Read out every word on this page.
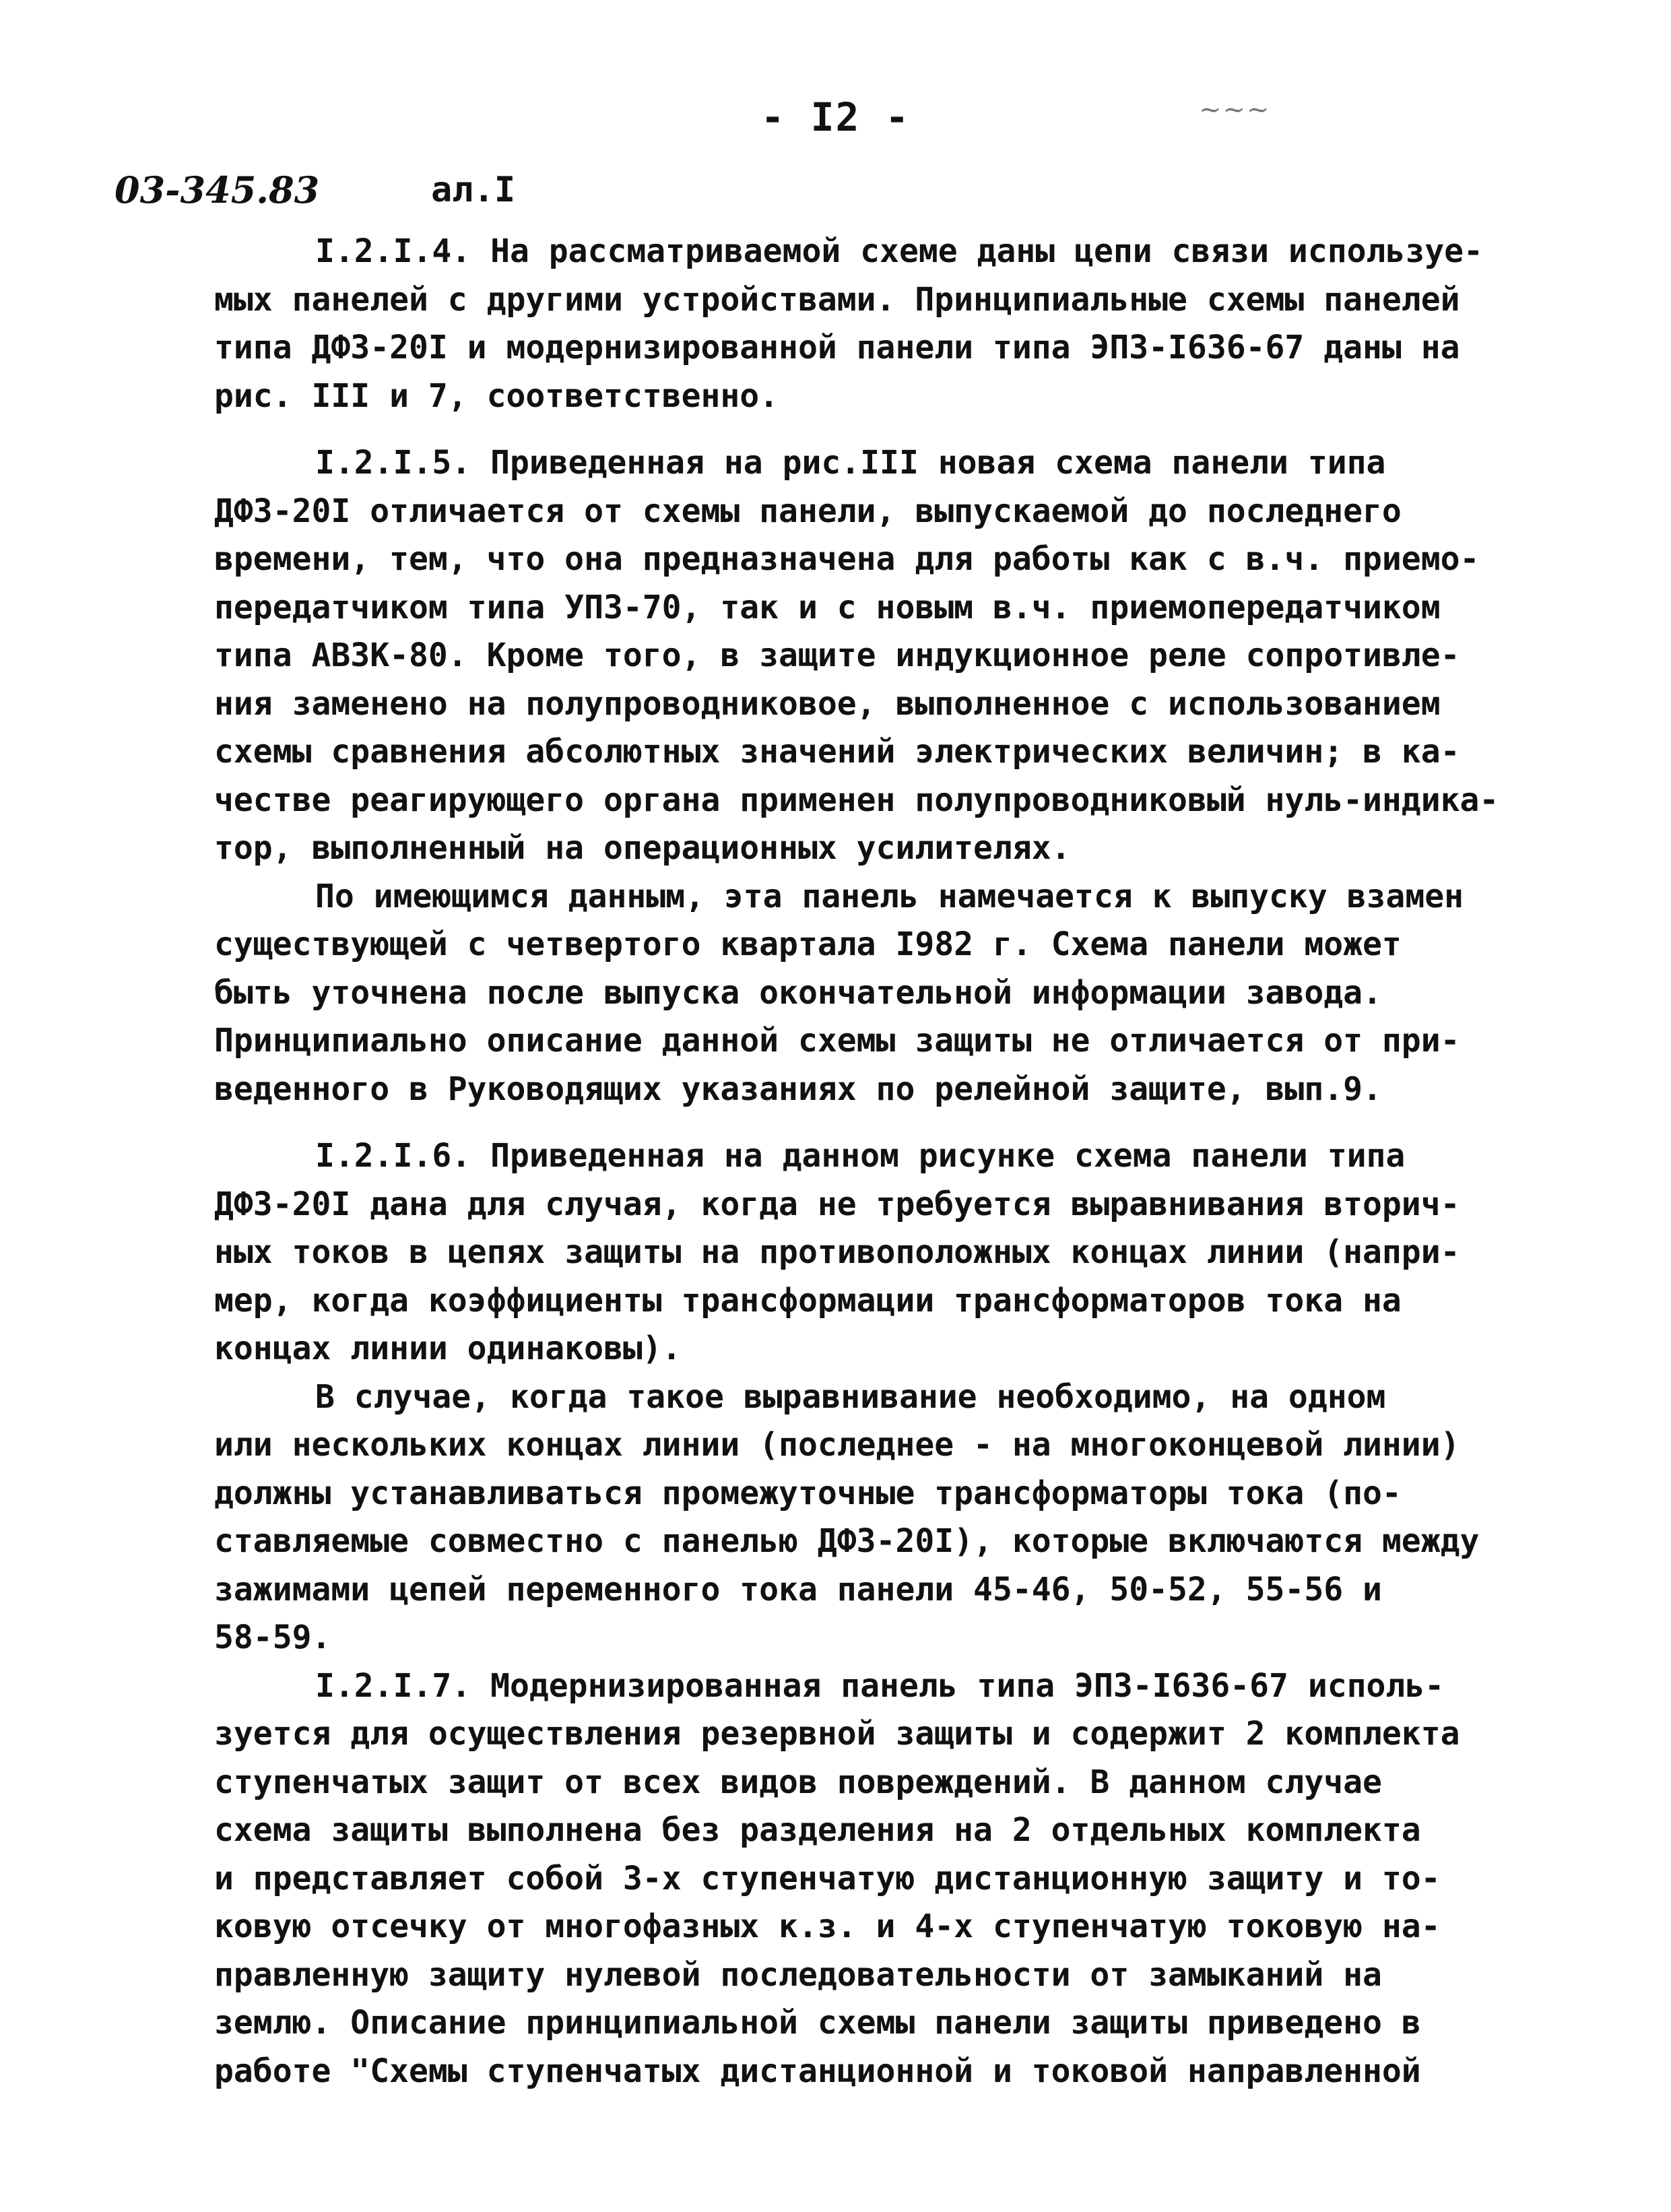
- I2 -	~~~
03-345.83	ал.I
I.2.I.4. На рассматриваемой схеме даны цепи связи используе-
мых панелей с другими устройствами. Принципиальные схемы панелей
типа ДФЗ-20I и модернизированной панели типа ЭПЗ-I636-67 даны на
рис. III и 7, соответственно.
I.2.I.5. Приведенная на рис.III новая схема панели типа
ДФЗ-20I отличается от схемы панели, выпускаемой до последнего
времени, тем, что она предназначена для работы как с в.ч. приемо-
передатчиком типа УПЗ-70, так и с новым в.ч. приемопередатчиком
типа АВЗК-80. Кроме того, в защите индукционное реле сопротивле-
ния заменено на полупроводниковое, выполненное с использованием
схемы сравнения абсолютных значений электрических величин; в ка-
честве реагирующего органа применен полупроводниковый нуль-индика-
тор, выполненный на операционных усилителях.
По имеющимся данным, эта панель намечается к выпуску взамен
существующей с четвертого квартала I982 г. Схема панели может
быть уточнена после выпуска окончательной информации завода.
Принципиально описание данной схемы защиты не отличается от при-
веденного в Руководящих указаниях по релейной защите, вып.9.
I.2.I.6. Приведенная на данном рисунке схема панели типа
ДФЗ-20I дана для случая, когда не требуется выравнивания вторич-
ных токов в цепях защиты на противоположных концах линии (напри-
мер, когда коэффициенты трансформации трансформаторов тока на
концах линии одинаковы).
В случае, когда такое выравнивание необходимо, на одном
или нескольких концах линии (последнее - на многоконцевой линии)
должны устанавливаться промежуточные трансформаторы тока (по-
ставляемые совместно с панелью ДФЗ-20I), которые включаются между
зажимами цепей переменного тока панели 45-46, 50-52, 55-56 и
58-59.
I.2.I.7. Модернизированная панель типа ЭПЗ-I636-67 исполь-
зуется для осуществления резервной защиты и содержит 2 комплекта
ступенчатых защит от всех видов повреждений. В данном случае
схема защиты выполнена без разделения на 2 отдельных комплекта
и представляет собой 3-х ступенчатую дистанционную защиту и то-
ковую отсечку от многофазных к.з. и 4-х ступенчатую токовую на-
правленную защиту нулевой последовательности от замыканий на
землю. Описание принципиальной схемы панели защиты приведено в
работе "Схемы ступенчатых дистанционной и токовой направленной
